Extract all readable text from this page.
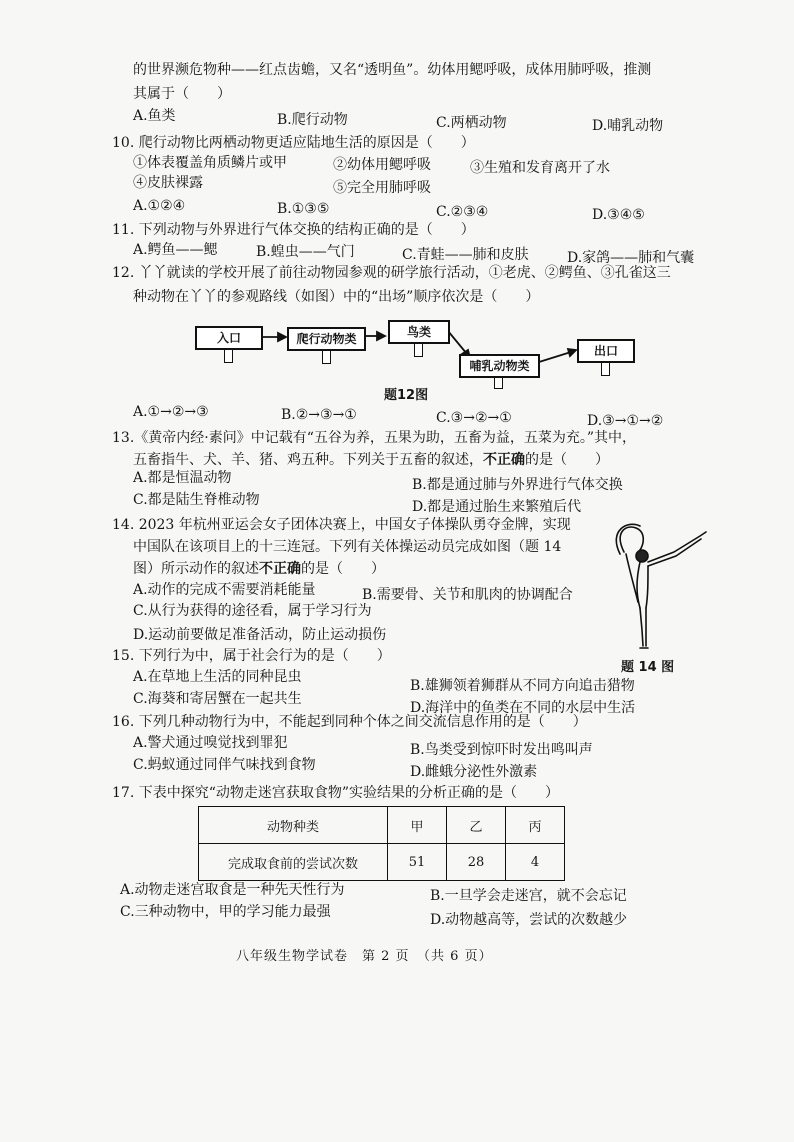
的世界濒危物种——红点齿蟾，又名“透明鱼”。幼体用鳃呼吸，成体用肺呼吸，推测
其属于（　　）
A.鱼类	B.爬行动物	C.两栖动物	D.哺乳动物
10. 爬行动物比两栖动物更适应陆地生活的原因是（　　）
①体表覆盖角质鳞片或甲	②幼体用鳃呼吸	③生殖和发育离开了水
④皮肤裸露	⑤完全用肺呼吸
A.①②④	B.①③⑤	C.②③④	D.③④⑤
11. 下列动物与外界进行气体交换的结构正确的是（　　）
A.鳄鱼——鳃	B.蝗虫——气门	C.青蛙——肺和皮肤	D.家鸽——肺和气囊
12. 丫丫就读的学校开展了前往动物园参观的研学旅行活动，①老虎、②鳄鱼、③孔雀这三
种动物在丫丫的参观路线（如图）中的“出场”顺序依次是（　　）
入口	爬行动物类	鸟类
哺乳动物类
出口
题12图
A.①→②→③	B.②→③→①	C.③→②→①	D.③→①→②
13.《黄帝内经·素问》中记载有“五谷为养，五果为助，五畜为益，五菜为充。”其中，
五畜指牛、犬、羊、猪、鸡五种。下列关于五畜的叙述，不正确的是（　　）
A.都是恒温动物	B.都是通过肺与外界进行气体交换
C.都是陆生脊椎动物	D.都是通过胎生来繁殖后代
14. 2023 年杭州亚运会女子团体决赛上，中国女子体操队勇夺金牌，实现
中国队在该项目上的十三连冠。下列有关体操运动员完成如图（题 14
图）所示动作的叙述不正确的是（　　）
A.动作的完成不需要消耗能量	B.需要骨、关节和肌肉的协调配合
C.从行为获得的途径看，属于学习行为
D.运动前要做足准备活动，防止运动损伤
题 14 图
15. 下列行为中，属于社会行为的是（　　）
A.在草地上生活的同种昆虫
B.雄狮领着狮群从不同方向追击猎物
C.海葵和寄居蟹在一起共生
D.海洋中的鱼类在不同的水层中生活
16. 下列几种动物行为中，不能起到同种个体之间交流信息作用的是（　　）
A.警犬通过嗅觉找到罪犯	B.鸟类受到惊吓时发出鸣叫声
C.蚂蚁通过同伴气味找到食物	D.雌蛾分泌性外激素
17. 下表中探究“动物走迷宫获取食物”实验结果的分析正确的是（　　）
动物种类	甲	乙	丙
完成取食前的尝试次数	51	28	4
A.动物走迷宫取食是一种先天性行为	B.一旦学会走迷宫，就不会忘记
C.三种动物中，甲的学习能力最强	D.动物越高等，尝试的次数越少
八年级生物学试卷　第 2 页　（共 6 页）
